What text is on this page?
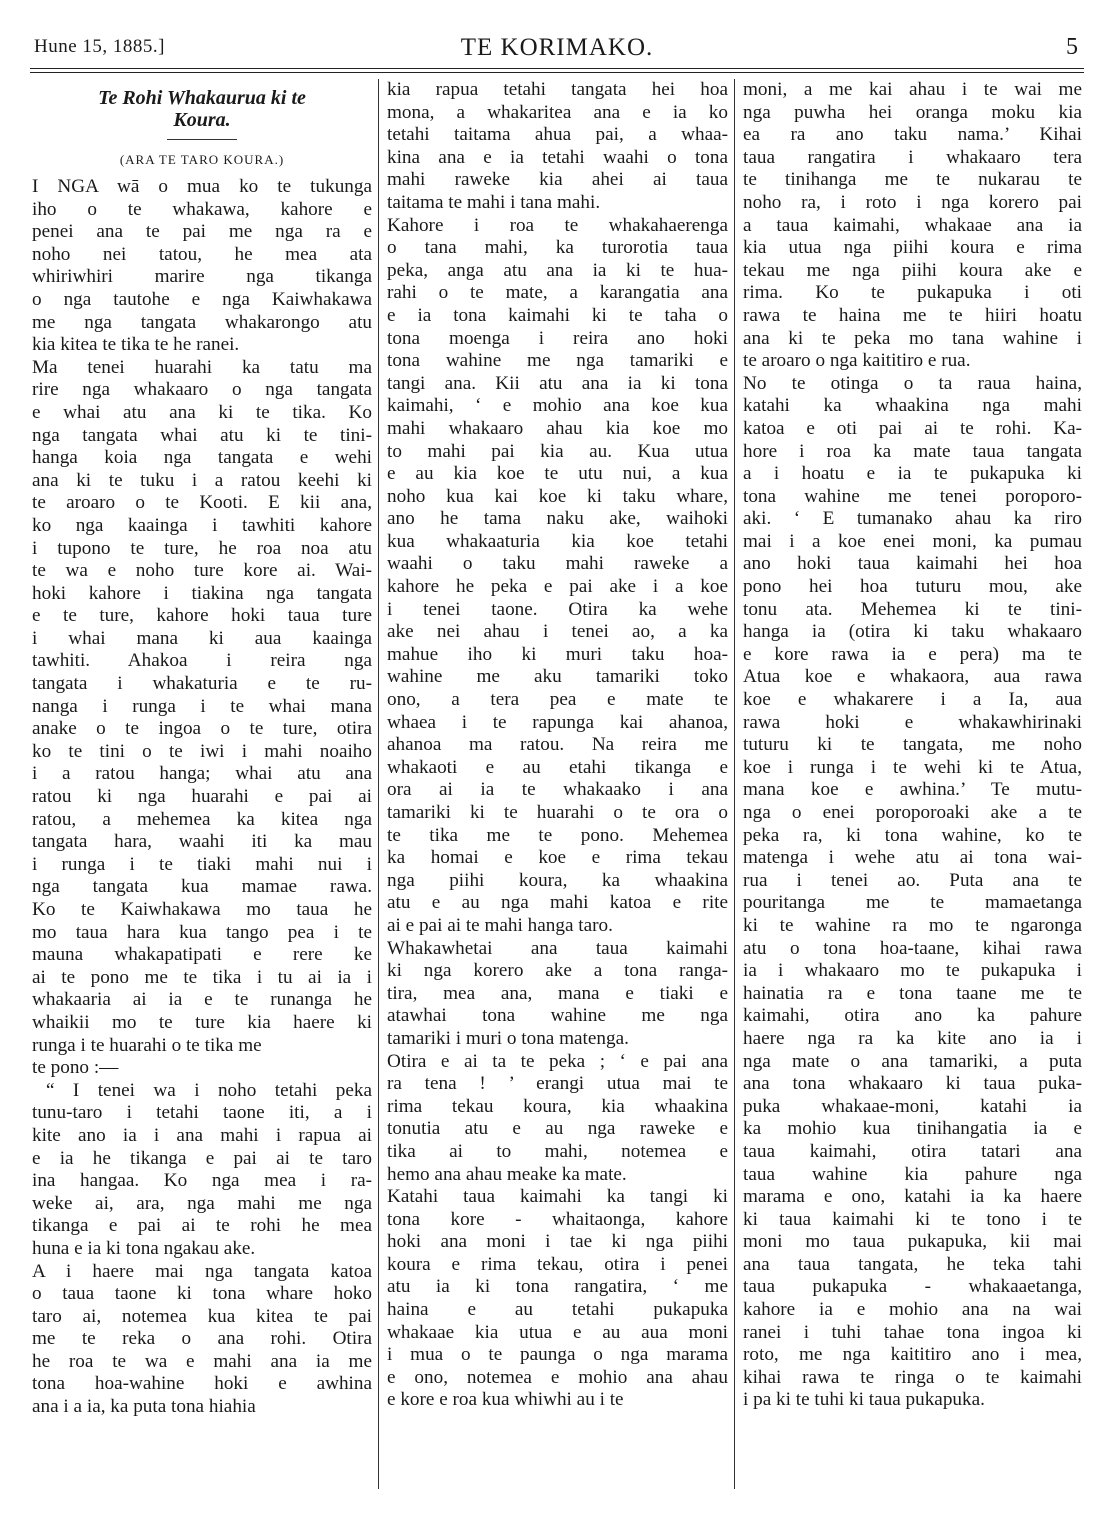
Hune 15, 1885.]	TE KORIMAKO.	5
Te Rohi Whakaurua ki te
Koura.
(ARA TE TARO KOURA.)
I NGA wā o mua ko te tukunga
iho o te whakawa, kahore e
penei ana te pai me nga ra e
noho nei tatou, he mea ata
whiriwhiri marire nga tikanga
o nga tautohe e nga Kaiwhakawa
me nga tangata whakarongo atu
kia kitea te tika te he ranei.
Ma tenei huarahi ka tatu ma
rire nga whakaaro o nga tangata
e whai atu ana ki te tika. Ko
nga tangata whai atu ki te tini-
hanga koia nga tangata e wehi
ana ki te tuku i a ratou keehi ki
te aroaro o te Kooti. E kii ana,
ko nga kaainga i tawhiti kahore
i tupono te ture, he roa noa atu
te wa e noho ture kore ai. Wai-
hoki kahore i tiakina nga tangata
e te ture, kahore hoki taua ture
i whai mana ki aua kaainga
tawhiti. Ahakoa i reira nga
tangata i whakaturia e te ru-
nanga i runga i te whai mana
anake o te ingoa o te ture, otira
ko te tini o te iwi i mahi noaiho
i a ratou hanga; whai atu ana
ratou ki nga huarahi e pai ai
ratou, a mehemea ka kitea nga
tangata hara, waahi iti ka mau
i runga i te tiaki mahi nui i
nga tangata kua mamae rawa.
Ko te Kaiwhakawa mo taua he
mo taua hara kua tango pea i te
mauna whakapatipati e rere ke
ai te pono me te tika i tu ai ia i
whakaaria ai ia e te runanga he
whaikii mo te ture kia haere ki
runga i te huarahi o te tika me
te pono :—
“ I tenei wa i noho tetahi peka
tunu-taro i tetahi taone iti, a i
kite ano ia i ana mahi i rapua ai
e ia he tikanga e pai ai te taro
ina hangaa. Ko nga mea i ra-
weke ai, ara, nga mahi me nga
tikanga e pai ai te rohi he mea
huna e ia ki tona ngakau ake.
A i haere mai nga tangata katoa
o taua taone ki tona whare hoko
taro ai, notemea kua kitea te pai
me te reka o ana rohi. Otira
he roa te wa e mahi ana ia me
tona hoa-wahine hoki e awhina
ana i a ia, ka puta tona hiahia
kia rapua tetahi tangata hei hoa
mona, a whakaritea ana e ia ko
tetahi taitama ahua pai, a whaa-
kina ana e ia tetahi waahi o tona
mahi raweke kia ahei ai taua
taitama te mahi i tana mahi.
Kahore i roa te whakahaerenga
o tana mahi, ka turorotia taua
peka, anga atu ana ia ki te hua-
rahi o te mate, a karangatia ana
e ia tona kaimahi ki te taha o
tona moenga i reira ano hoki
tona wahine me nga tamariki e
tangi ana. Kii atu ana ia ki tona
kaimahi, ‘ e mohio ana koe kua
mahi whakaaro ahau kia koe mo
to mahi pai kia au. Kua utua
e au kia koe te utu nui, a kua
noho kua kai koe ki taku whare,
ano he tama naku ake, waihoki
kua whakaaturia kia koe tetahi
waahi o taku mahi raweke a
kahore he peka e pai ake i a koe
i tenei taone. Otira ka wehe
ake nei ahau i tenei ao, a ka
mahue iho ki muri taku hoa-
wahine me aku tamariki toko
ono, a tera pea e mate te
whaea i te rapunga kai ahanoa,
ahanoa ma ratou. Na reira me
whakaoti e au etahi tikanga e
ora ai ia te whakaako i ana
tamariki ki te huarahi o te ora o
te tika me te pono. Mehemea
ka homai e koe e rima tekau
nga piihi koura, ka whaakina
atu e au nga mahi katoa e rite
ai e pai ai te mahi hanga taro.
Whakawhetai ana taua kaimahi
ki nga korero ake a tona ranga-
tira, mea ana, mana e tiaki e
atawhai tona wahine me nga
tamariki i muri o tona matenga.
Otira e ai ta te peka ; ‘ e pai ana
ra tena ! ’ erangi utua mai te
rima tekau koura, kia whaakina
tonutia atu e au nga raweke e
tika ai to mahi, notemea e
hemo ana ahau meake ka mate.
Katahi taua kaimahi ka tangi ki
tona kore - whaitaonga, kahore
hoki ana moni i tae ki nga piihi
koura e rima tekau, otira i penei
atu ia ki tona rangatira, ‘ me
haina e au tetahi pukapuka
whakaae kia utua e au aua moni
i mua o te paunga o nga marama
e ono, notemea e mohio ana ahau
e kore e roa kua whiwhi au i te
moni, a me kai ahau i te wai me
nga puwha hei oranga moku kia
ea ra ano taku nama.’ Kihai
taua rangatira i whakaaro tera
te tinihanga me te nukarau te
noho ra, i roto i nga korero pai
a taua kaimahi, whakaae ana ia
kia utua nga piihi koura e rima
tekau me nga piihi koura ake e
rima. Ko te pukapuka i oti
rawa te haina me te hiiri hoatu
ana ki te peka mo tana wahine i
te aroaro o nga kaititiro e rua.
No te otinga o ta raua haina,
katahi ka whaakina nga mahi
katoa e oti pai ai te rohi. Ka-
hore i roa ka mate taua tangata
a i hoatu e ia te pukapuka ki
tona wahine me tenei poroporo-
aki. ‘ E tumanako ahau ka riro
mai i a koe enei moni, ka pumau
ano hoki taua kaimahi hei hoa
pono hei hoa tuturu mou, ake
tonu ata. Mehemea ki te tini-
hanga ia (otira ki taku whakaaro
e kore rawa ia e pera) ma te
Atua koe e whakaora, aua rawa
koe e whakarere i a Ia, aua
rawa hoki e whakawhirinaki
tuturu ki te tangata, me noho
koe i runga i te wehi ki te Atua,
mana koe e awhina.’ Te mutu-
nga o enei poroporoaki ake a te
peka ra, ki tona wahine, ko te
matenga i wehe atu ai tona wai-
rua i tenei ao. Puta ana te
pouritanga me te mamaetanga
ki te wahine ra mo te ngaronga
atu o tona hoa-taane, kihai rawa
ia i whakaaro mo te pukapuka i
hainatia ra e tona taane me te
kaimahi, otira ano ka pahure
haere nga ra ka kite ano ia i
nga mate o ana tamariki, a puta
ana tona whakaaro ki taua puka-
puka whakaae-moni, katahi ia
ka mohio kua tinihangatia ia e
taua kaimahi, otira tatari ana
taua wahine kia pahure nga
marama e ono, katahi ia ka haere
ki taua kaimahi ki te tono i te
moni mo taua pukapuka, kii mai
ana taua tangata, he teka tahi
taua pukapuka - whakaaetanga,
kahore ia e mohio ana na wai
ranei i tuhi tahae tona ingoa ki
roto, me nga kaititiro ano i mea,
kihai rawa te ringa o te kaimahi
i pa ki te tuhi ki taua pukapuka.
